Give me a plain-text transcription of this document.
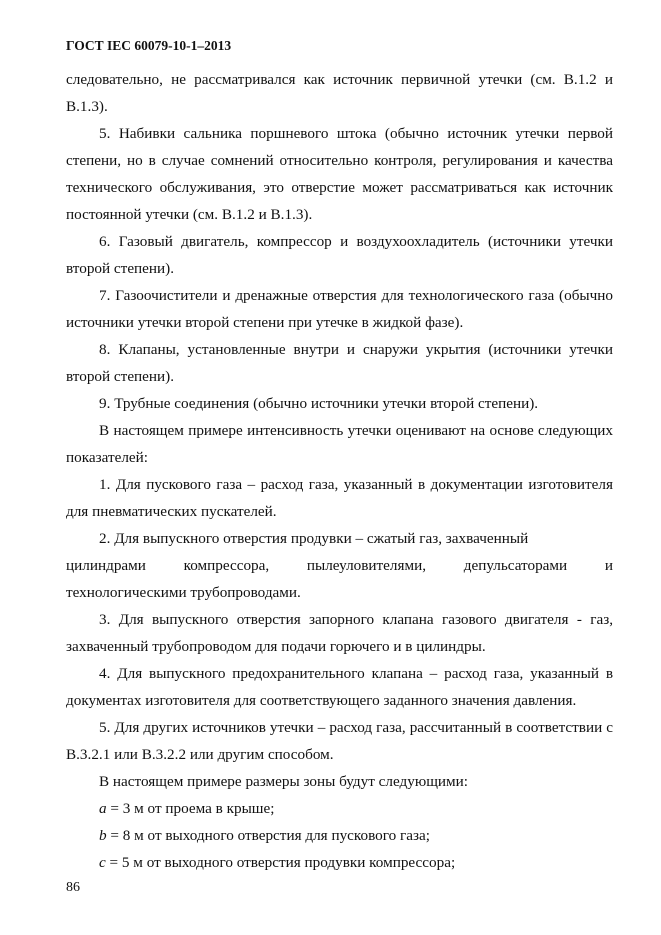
ГОСТ IEC 60079-10-1–2013

следовательно, не рассматривался как источник первичной утечки (см. В.1.2 и В.1.3).

5. Набивки сальника поршневого штока (обычно источник утечки первой степени, но в случае сомнений относительно контроля, регулирования и качества технического обслуживания, это отверстие может рассматриваться как источник постоянной утечки (см. В.1.2 и В.1.3).

6. Газовый двигатель, компрессор и воздухоохладитель (источники утечки второй степени).

7. Газоочистители и дренажные отверстия для технологического газа (обычно источники утечки второй степени при утечке в жидкой фазе).

8. Клапаны, установленные внутри и снаружи укрытия (источники утечки второй степени).

9. Трубные соединения (обычно источники утечки второй степени).

В настоящем примере интенсивность утечки оценивают на основе следующих показателей:

1. Для пускового газа – расход газа, указанный в документации изготовителя для пневматических пускателей.

2. Для выпускного отверстия продувки – сжатый газ, захваченный

цилиндрами компрессора, пылеуловителями, депульсаторами и

технологическими трубопроводами.

3. Для выпускного отверстия запорного клапана газового двигателя - газ, захваченный трубопроводом для подачи горючего и в цилиндры.

4. Для выпускного предохранительного клапана – расход газа, указанный в документах изготовителя для соответствующего заданного значения давления.

5. Для других источников утечки – расход газа, рассчитанный в соответствии с В.3.2.1 или В.3.2.2 или другим способом.

В настоящем примере размеры зоны будут следующими:

a = 3 м от проема в крыше;

b = 8 м от выходного отверстия для пускового газа;

c = 5 м от выходного отверстия продувки компрессора;

86
